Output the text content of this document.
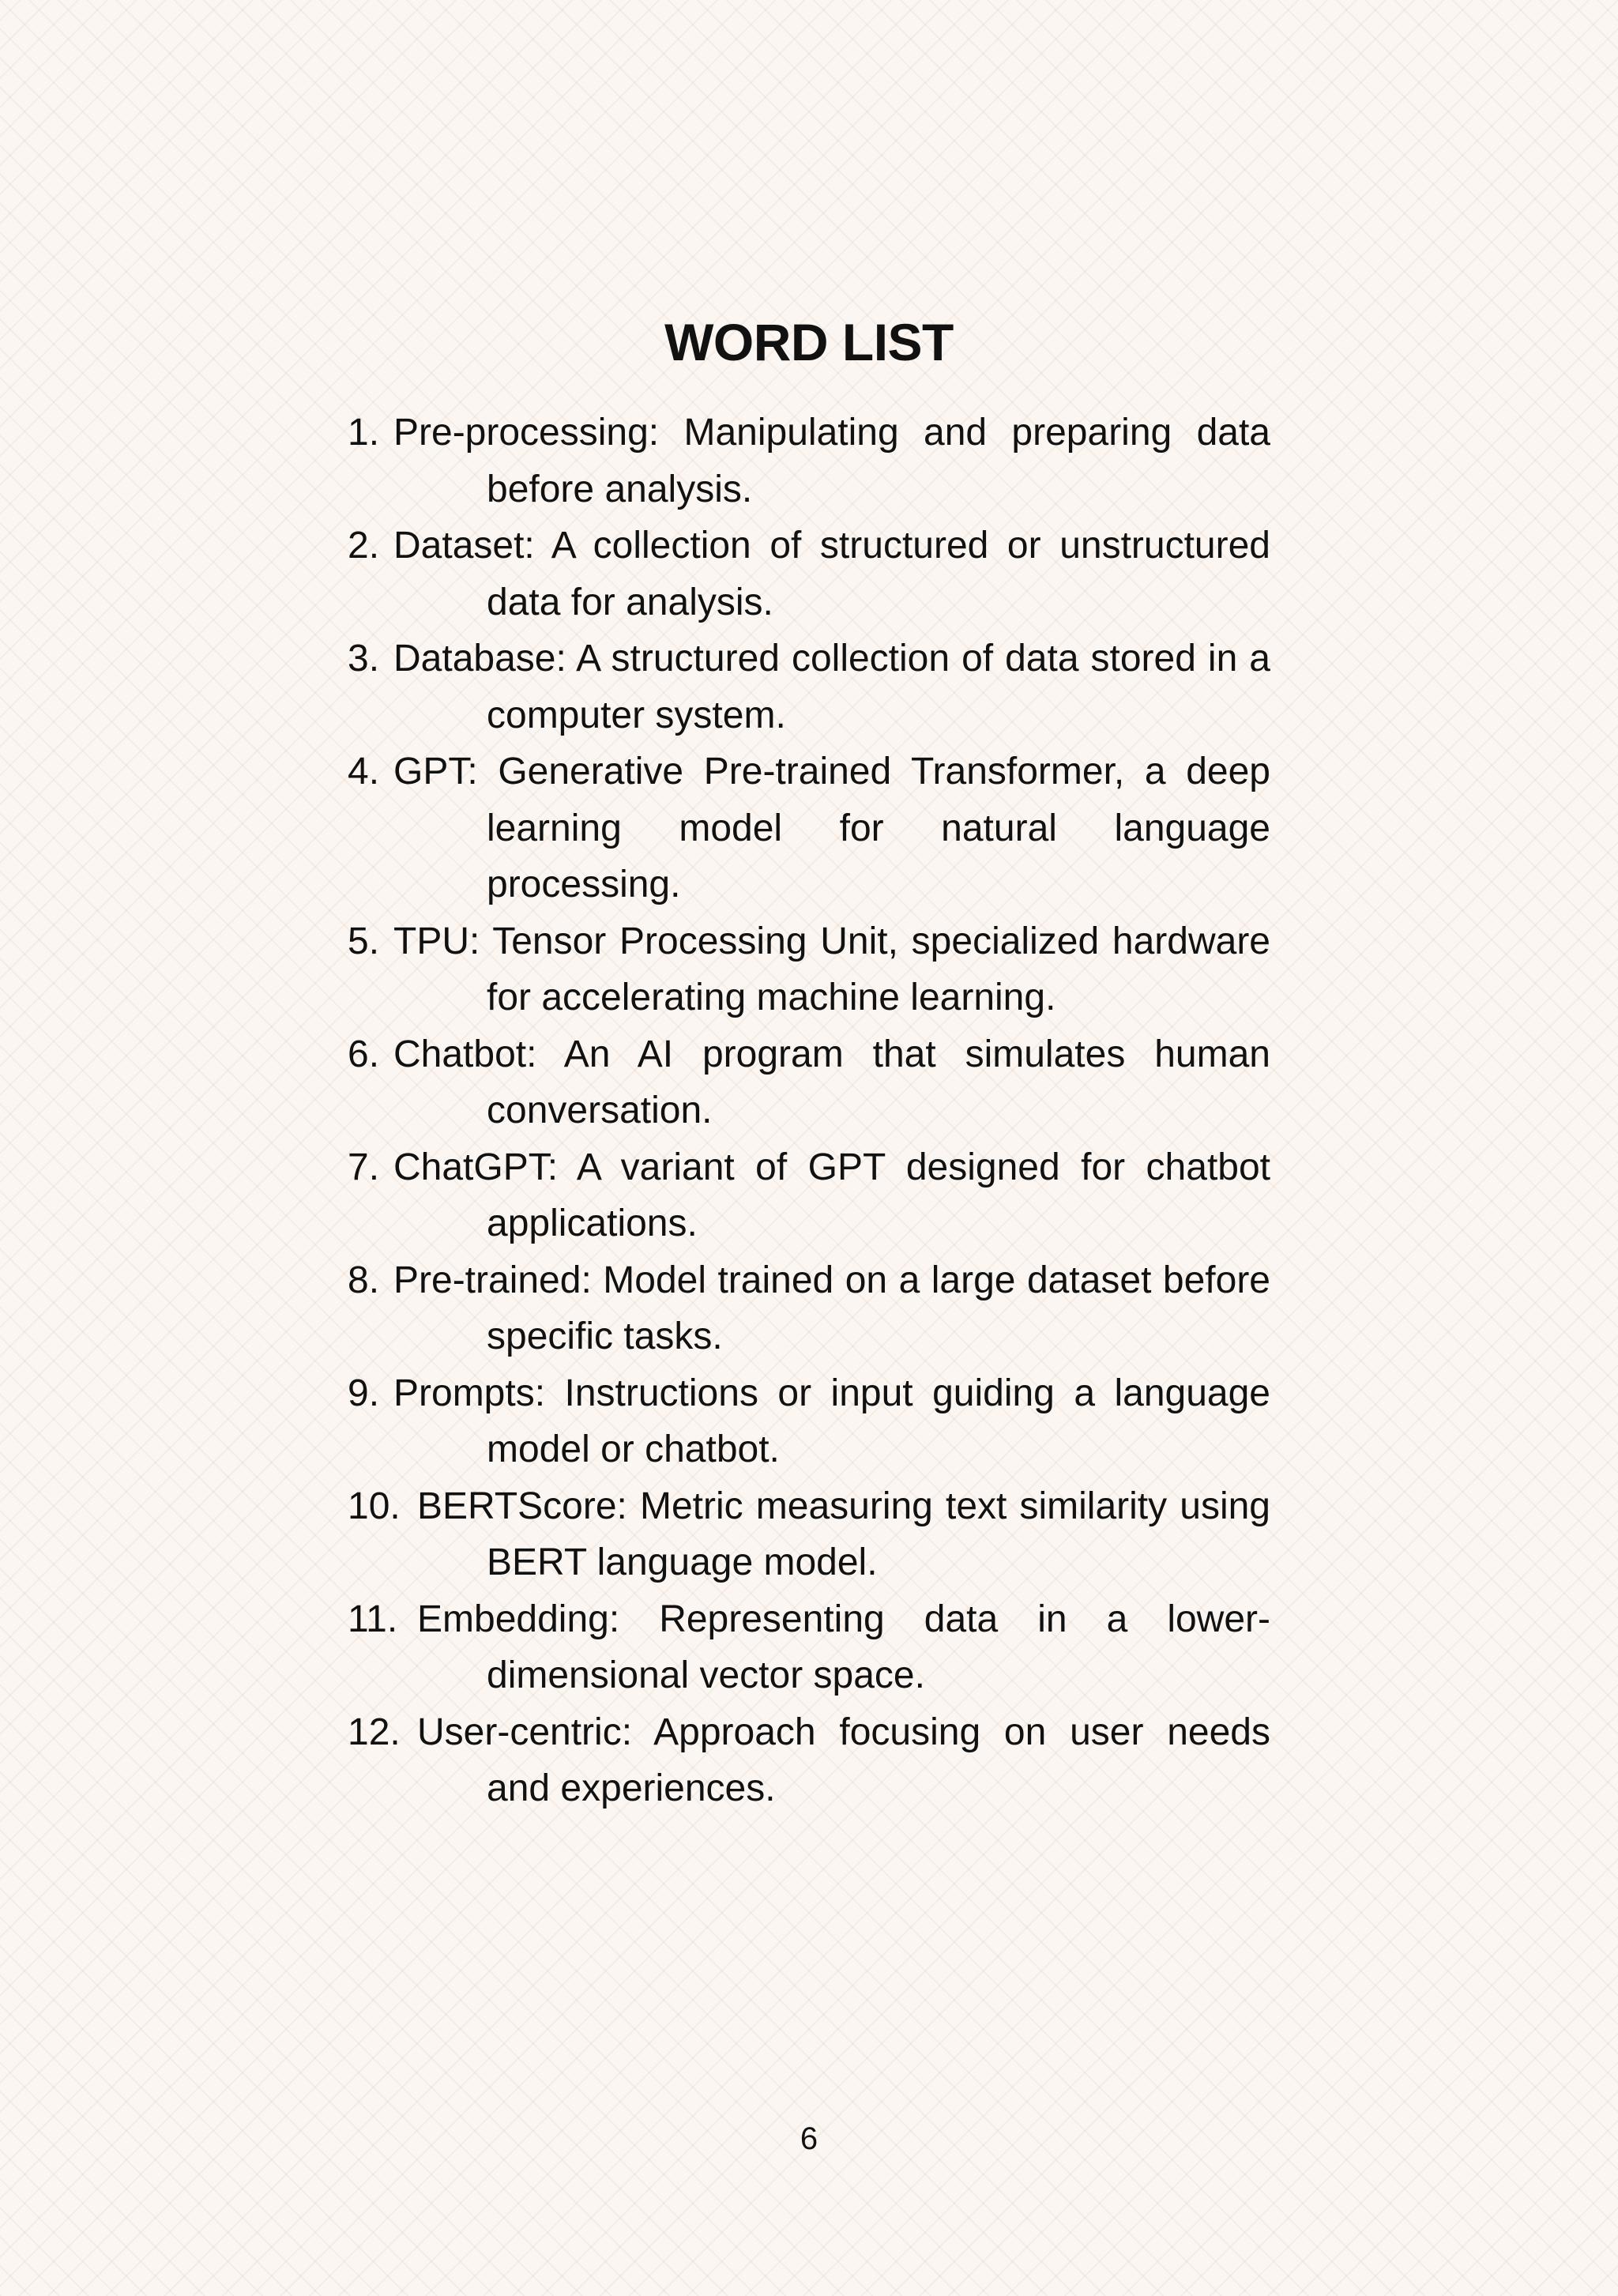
WORD LIST
1. Pre-processing: Manipulating and preparing data before analysis.
2. Dataset: A collection of structured or unstructured data for analysis.
3. Database: A structured collection of data stored in a computer system.
4. GPT: Generative Pre-trained Transformer, a deep learning model for natural language processing.
5. TPU: Tensor Processing Unit, specialized hardware for accelerating machine learning.
6. Chatbot: An AI program that simulates human conversation.
7. ChatGPT: A variant of GPT designed for chatbot applications.
8. Pre-trained: Model trained on a large dataset before specific tasks.
9. Prompts: Instructions or input guiding a language model or chatbot.
10. BERTScore: Metric measuring text similarity using BERT language model.
11. Embedding: Representing data in a lower-dimensional vector space.
12. User-centric: Approach focusing on user needs and experiences.
6
